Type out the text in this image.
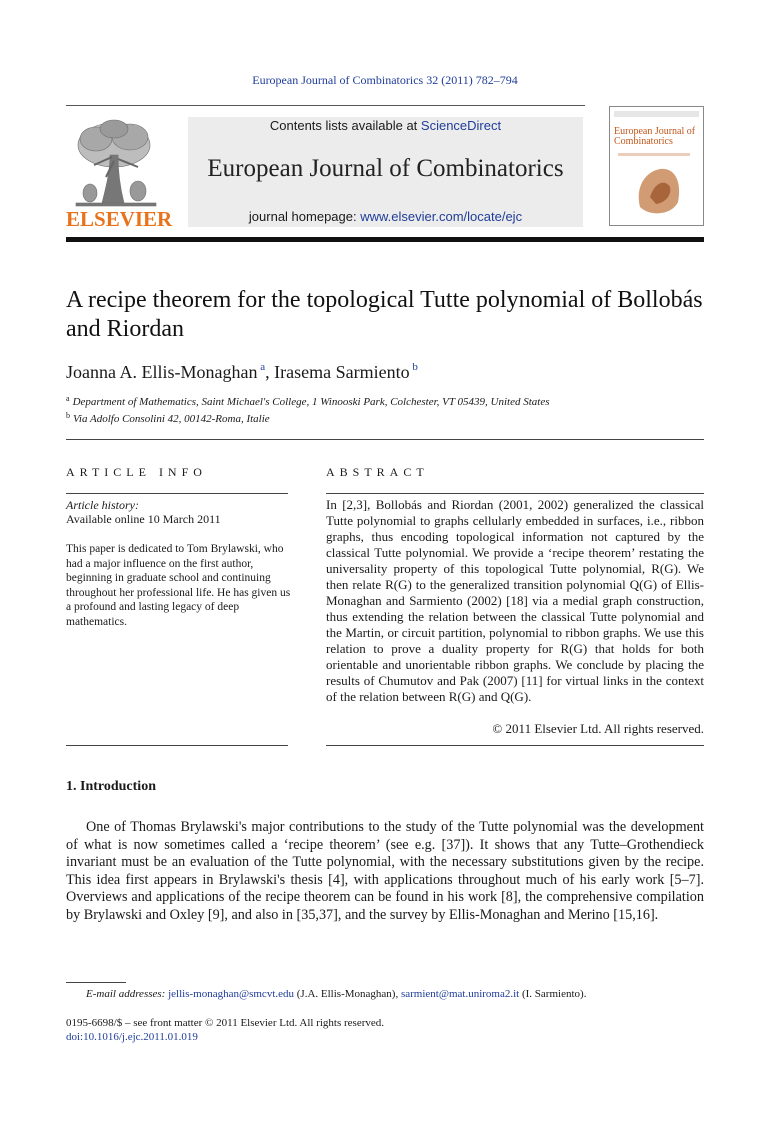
European Journal of Combinatorics 32 (2011) 782–794
ELSEVIER
Contents lists available at ScienceDirect
European Journal of Combinatorics
journal homepage: www.elsevier.com/locate/ejc
European Journal of Combinatorics
A recipe theorem for the topological Tutte polynomial of Bollobás and Riordan
Joanna A. Ellis-Monaghan $^a$, Irasema Sarmiento $^b$
$^a$ Department of Mathematics, Saint Michael's College, 1 Winooski Park, Colchester, VT 05439, United States
$^b$ Via Adolfo Consolini 42, 00142-Roma, Italie
ARTICLE INFO
Article history:
Available online 10 March 2011
This paper is dedicated to Tom Brylawski, who had a major influence on the first author, beginning in graduate school and continuing throughout her professional life. He has given us a profound and lasting legacy of deep mathematics.
ABSTRACT
In [2,3], Bollobás and Riordan (2001, 2002) generalized the classical Tutte polynomial to graphs cellularly embedded in surfaces, i.e., ribbon graphs, thus encoding topological information not captured by the classical Tutte polynomial. We provide a ‘recipe theorem’ restating the universality property of this topological Tutte polynomial, R(G). We then relate R(G) to the generalized transition polynomial Q(G) of Ellis-Monaghan and Sarmiento (2002) [18] via a medial graph construction, thus extending the relation between the classical Tutte polynomial and the Martin, or circuit partition, polynomial to ribbon graphs. We use this relation to prove a duality property for R(G) that holds for both orientable and unorientable ribbon graphs. We conclude by placing the results of Chumutov and Pak (2007) [11] for virtual links in the context of the relation between R(G) and Q(G).
© 2011 Elsevier Ltd. All rights reserved.
1. Introduction
One of Thomas Brylawski's major contributions to the study of the Tutte polynomial was the development of what is now sometimes called a ‘recipe theorem’ (see e.g. [37]). It shows that any Tutte–Grothendieck invariant must be an evaluation of the Tutte polynomial, with the necessary substitutions given by the recipe. This idea first appears in Brylawski's thesis [4], with applications throughout much of his early work [5–7]. Overviews and applications of the recipe theorem can be found in his work [8], the comprehensive compilation by Brylawski and Oxley [9], and also in [35,37], and the survey by Ellis-Monaghan and Merino [15,16].
E-mail addresses: jellis-monaghan@smcvt.edu (J.A. Ellis-Monaghan), sarmient@mat.uniroma2.it (I. Sarmiento).
0195-6698/$ – see front matter © 2011 Elsevier Ltd. All rights reserved.
doi:10.1016/j.ejc.2011.01.019
